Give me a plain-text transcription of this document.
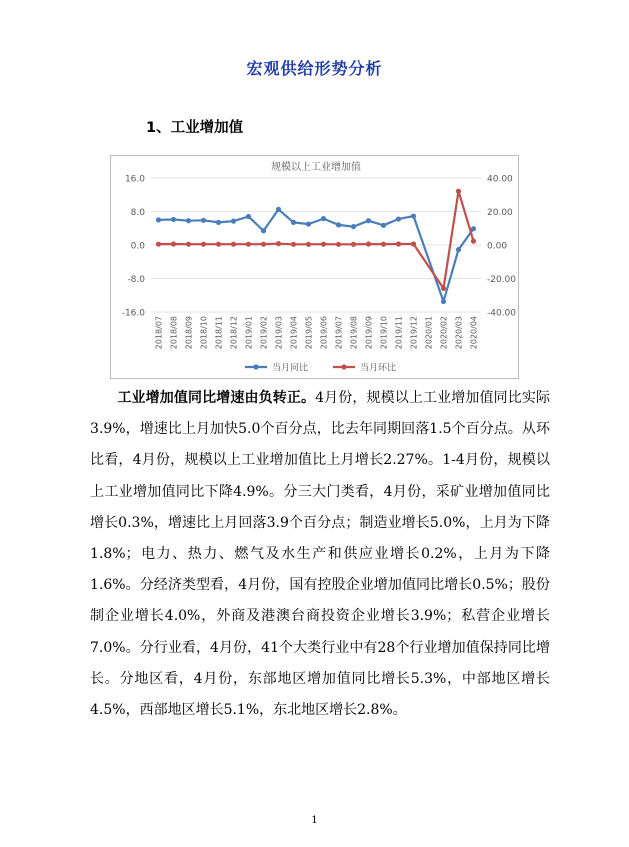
宏观供给形势分析
1、工业增加值
规模以上工业增加值
16.0
8.0
0.0
-8.0
-16.0
40.00
20.00
0.00
-20.00
-40.00
2018/07 2018/08 2018/09 2018/10 2018/11 2018/12 2019/01 2019/02 2019/03 2019/04 2019/05 2019/06 2019/07 2019/08 2019/09 2019/10 2019/11 2019/12 2020/01 2020/02 2020/03 2020/04
当月同比	当月环比
工业增加值同比增速由负转正。4月份，规模以上工业增加值同比实际3.9%，增速比上月加快5.0个百分点，比去年同期回落1.5个百分点。从环比看，4月份，规模以上工业增加值比上月增长2.27%。1-4月份，规模以上工业增加值同比下降4.9%。分三大门类看，4月份，采矿业增加值同比增长0.3%，增速比上月回落3.9个百分点；制造业增长5.0%，上月为下降1.8%；电力、热力、燃气及水生产和供应业增长0.2%，上月为下降1.6%。分经济类型看，4月份，国有控股企业增加值同比增长0.5%；股份制企业增长4.0%，外商及港澳台商投资企业增长3.9%；私营企业增长7.0%。分行业看，4月份，41个大类行业中有28个行业增加值保持同比增长。分地区看，4月份，东部地区增加值同比增长5.3%，中部地区增长4.5%，西部地区增长5.1%，东北地区增长2.8%。
1
